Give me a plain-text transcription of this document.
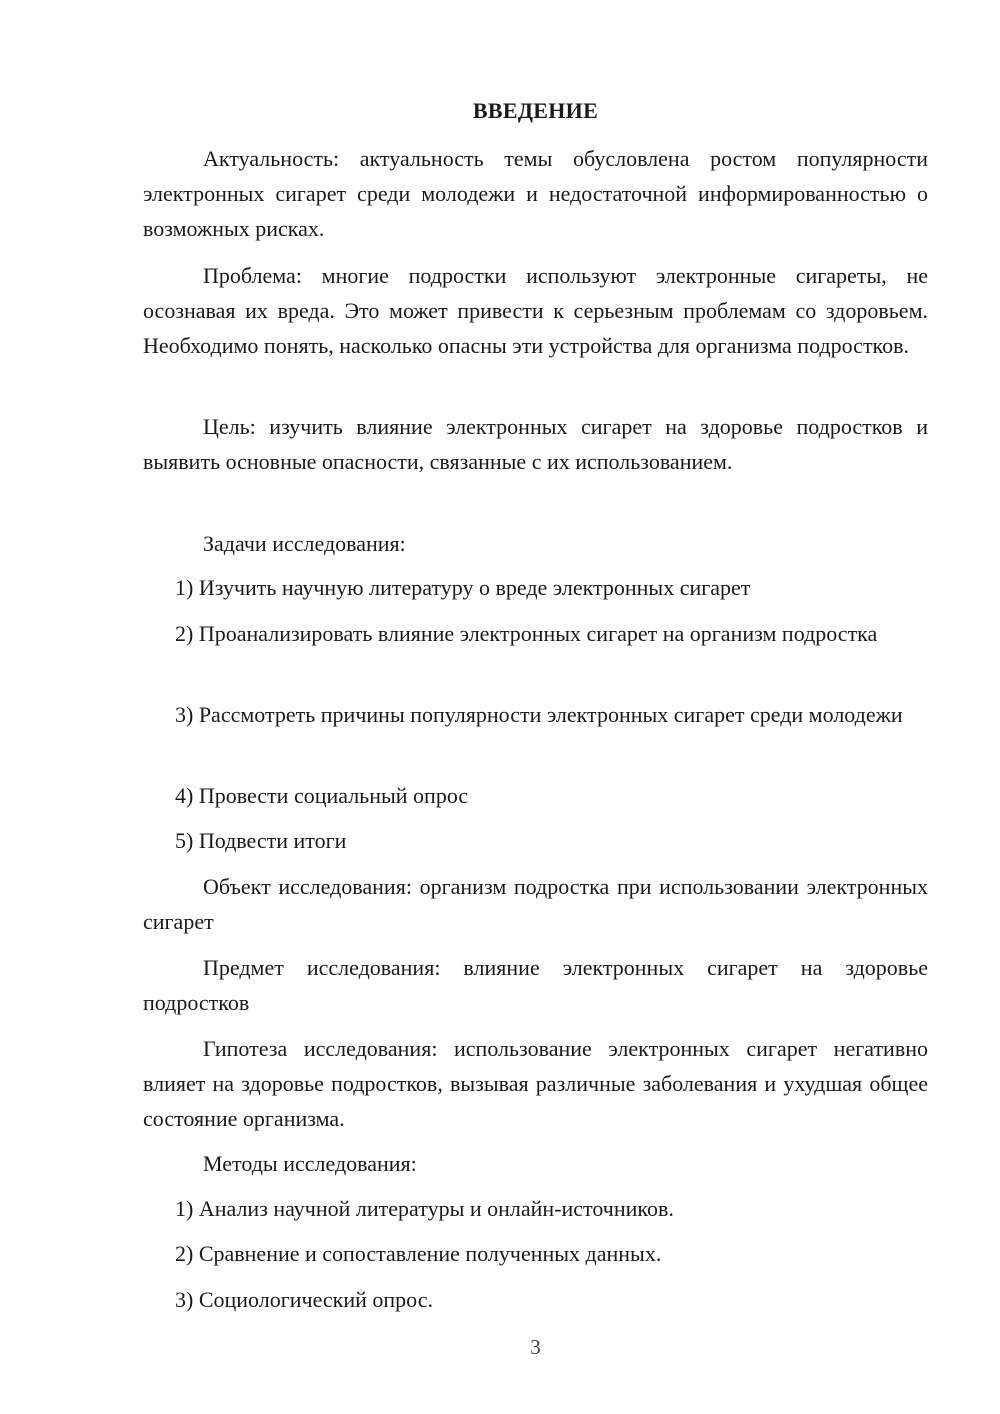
ВВЕДЕНИЕ
Актуальность: актуальность темы обусловлена ростом популярности электронных сигарет среди молодежи и недостаточной информированностью о возможных рисках.
Проблема: многие подростки используют электронные сигареты, не осознавая их вреда. Это может привести к серьезным проблемам со здоровьем. Необходимо понять, насколько опасны эти устройства для организма подростков.
Цель: изучить влияние электронных сигарет на здоровье подростков и выявить основные опасности, связанные с их использованием.
Задачи исследования:
1) Изучить научную литературу о вреде электронных сигарет
2) Проанализировать влияние электронных сигарет на организм подростка
3) Рассмотреть причины популярности электронных сигарет среди молодежи
4) Провести социальный опрос
5) Подвести итоги
Объект исследования: организм подростка при использовании электронных сигарет
Предмет исследования: влияние электронных сигарет на здоровье подростков
Гипотеза исследования: использование электронных сигарет негативно влияет на здоровье подростков, вызывая различные заболевания и ухудшая общее состояние организма.
Методы исследования:
1) Анализ научной литературы и онлайн-источников.
2) Сравнение и сопоставление полученных данных.
3) Социологический опрос.
3
